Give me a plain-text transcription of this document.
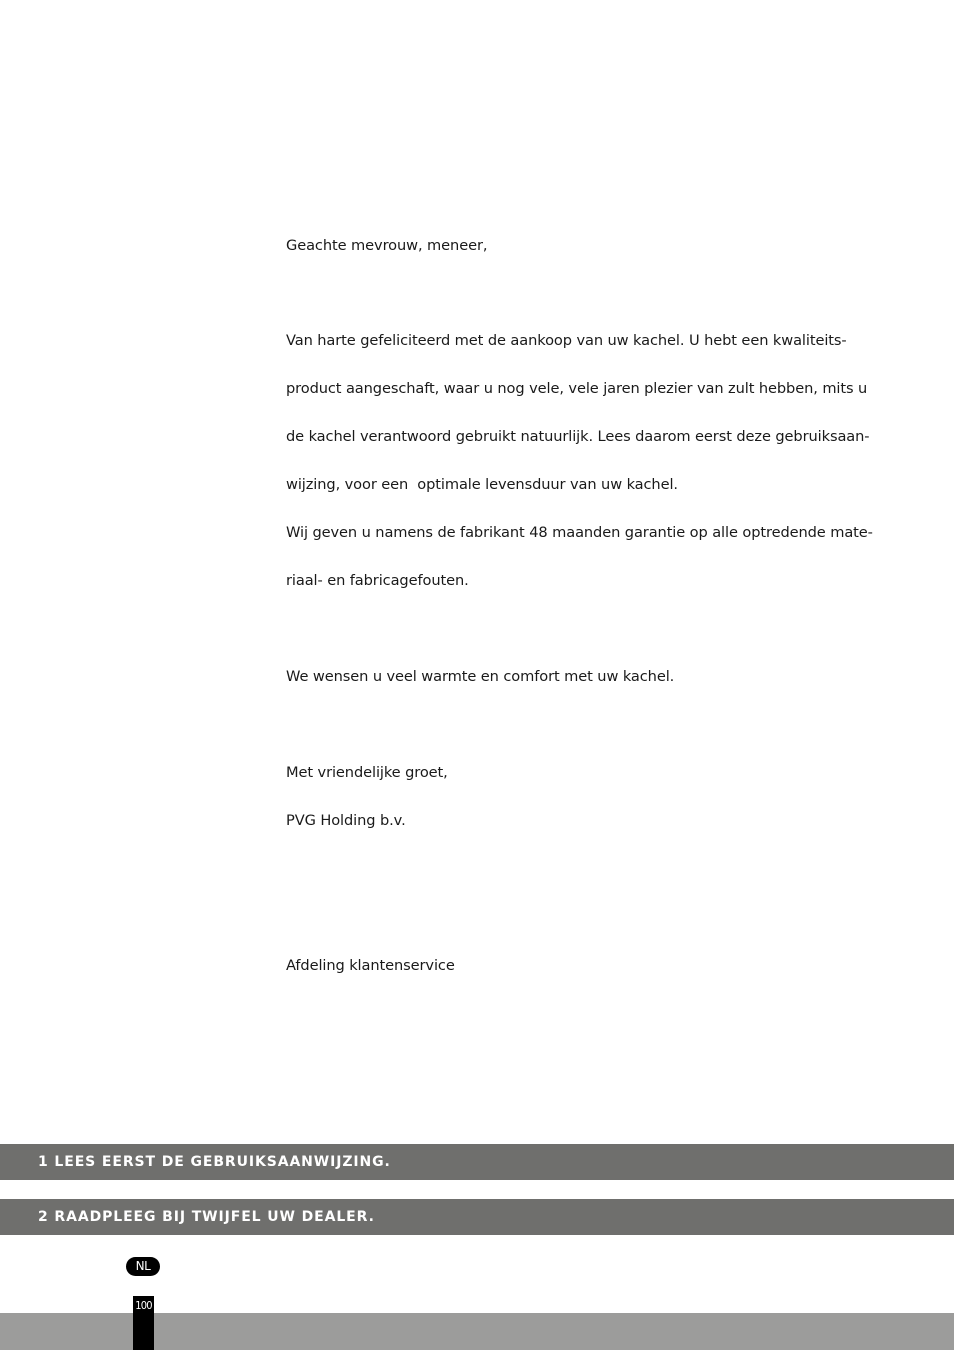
Geachte mevrouw, meneer,
Van harte gefeliciteerd met de aankoop van uw kachel. U hebt een kwaliteits-
product aangeschaft, waar u nog vele, vele jaren plezier van zult hebben, mits u
de kachel verantwoord gebruikt natuurlijk. Lees daarom eerst deze gebruiksaan-
wijzing, voor een  optimale levensduur van uw kachel.
Wij geven u namens de fabrikant 48 maanden garantie op alle optredende mate-
riaal- en fabricagefouten.
We wensen u veel warmte en comfort met uw kachel.
Met vriendelijke groet,
PVG Holding b.v.
Afdeling klantenservice
1 LEES EERST DE GEBRUIKSAANWIJZING.
2 RAADPLEEG BIJ TWIJFEL UW DEALER.
NL
100
